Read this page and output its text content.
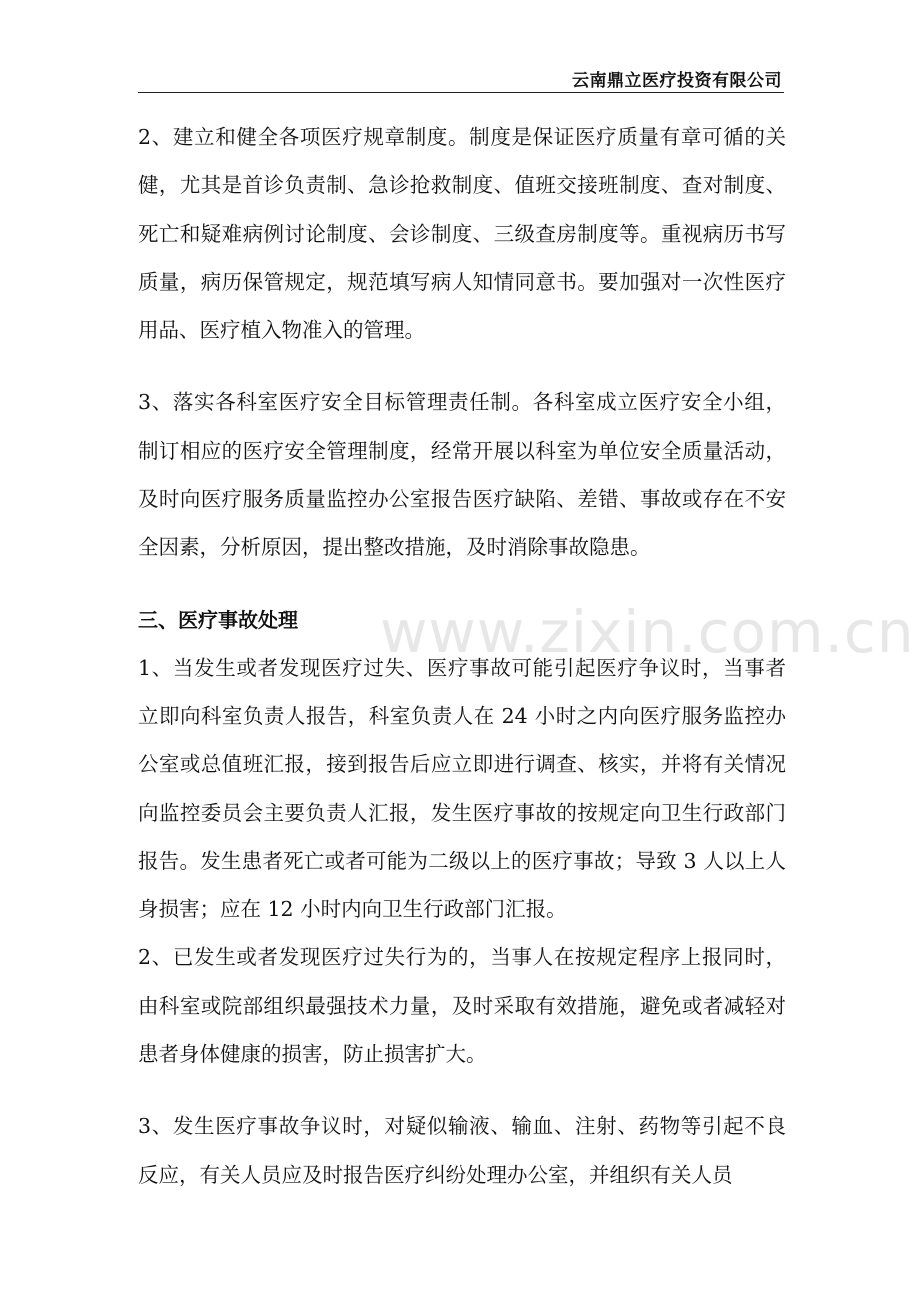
云南鼎立医疗投资有限公司
www.zixin.com.cn

2、建立和健全各项医疗规章制度。制度是保证医疗质量有章可循的关健，尤其是首诊负责制、急诊抢救制度、值班交接班制度、查对制度、死亡和疑难病例讨论制度、会诊制度、三级查房制度等。重视病历书写质量，病历保管规定，规范填写病人知情同意书。要加强对一次性医疗用品、医疗植入物准入的管理。

3、落实各科室医疗安全目标管理责任制。各科室成立医疗安全小组，制订相应的医疗安全管理制度，经常开展以科室为单位安全质量活动，及时向医疗服务质量监控办公室报告医疗缺陷、差错、事故或存在不安全因素，分析原因，提出整改措施，及时消除事故隐患。

三、医疗事故处理

1、当发生或者发现医疗过失、医疗事故可能引起医疗争议时，当事者立即向科室负责人报告，科室负责人在 24 小时之内向医疗服务监控办公室或总值班汇报，接到报告后应立即进行调查、核实，并将有关情况向监控委员会主要负责人汇报，发生医疗事故的按规定向卫生行政部门报告。发生患者死亡或者可能为二级以上的医疗事故；导致 3 人以上人身损害；应在 12 小时内向卫生行政部门汇报。

2、已发生或者发现医疗过失行为的，当事人在按规定程序上报同时，由科室或院部组织最强技术力量，及时采取有效措施，避免或者减轻对患者身体健康的损害，防止损害扩大。

3、发生医疗事故争议时，对疑似输液、输血、注射、药物等引起不良反应，有关人员应及时报告医疗纠纷处理办公室，并组织有关人员
